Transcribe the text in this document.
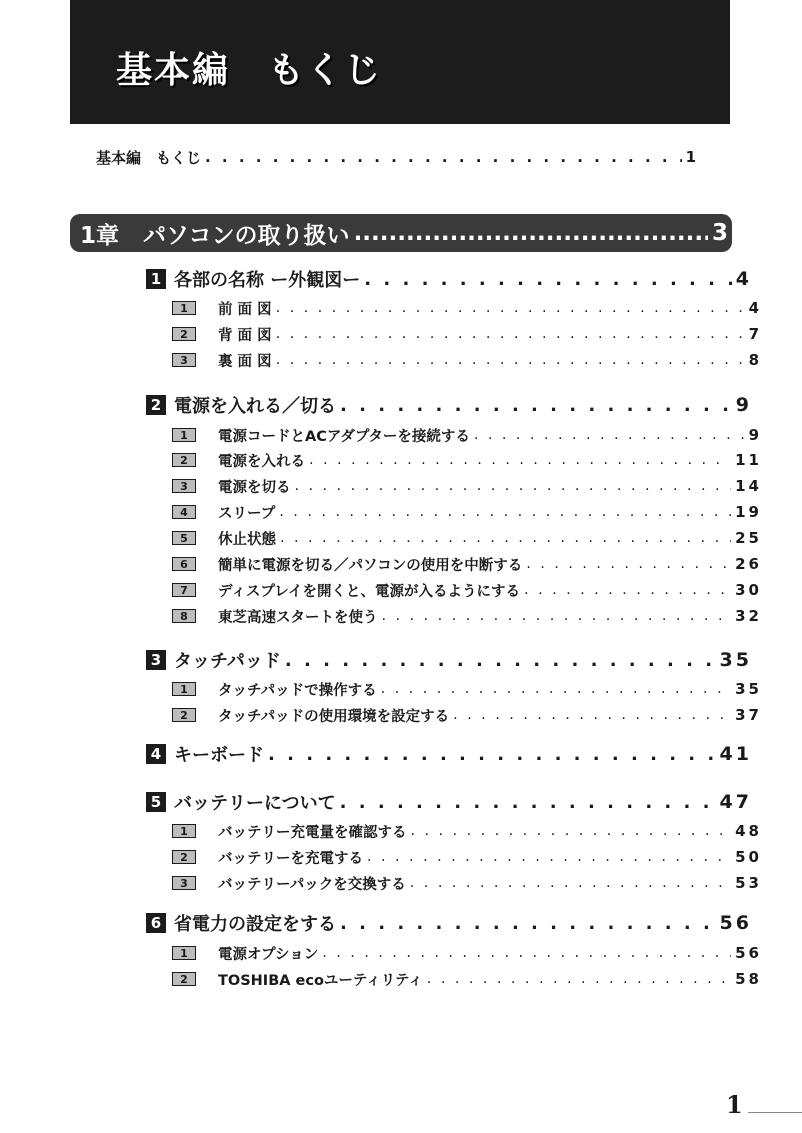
基本編　もくじ
基本編　もくじ . . .	1
1章 パソコンの取り扱い .....	3
1 各部の名称 ー外観図ー . . .	4
1	前 面 図 . . .	4
2	背 面 図 . . .	7
3	裏 面 図 . . .	8
2 電源を入れる／切る . . .	9
1	電源コードとACアダプターを接続する . . .	9
2	電源を入れる . . .	11
3	電源を切る . . .	14
4	スリープ . . .	19
5	休止状態 . . .	25
6	簡単に電源を切る／パソコンの使用を中断する . . .	26
7	ディスプレイを開くと、電源が入るようにする . . .	30
8	東芝高速スタートを使う . . .	32
3 タッチパッド . . .	35
1	タッチパッドで操作する . . .	35
2	タッチパッドの使用環境を設定する . . .	37
4 キーボード . . .	41
5 バッテリーについて . . .	47
1	バッテリー充電量を確認する . . .	48
2	バッテリーを充電する . . .	50
3	バッテリーパックを交換する . . .	53
6 省電力の設定をする . . .	56
1	電源オプション . . .	56
2	TOSHIBA ecoユーティリティ . . .	58
1
